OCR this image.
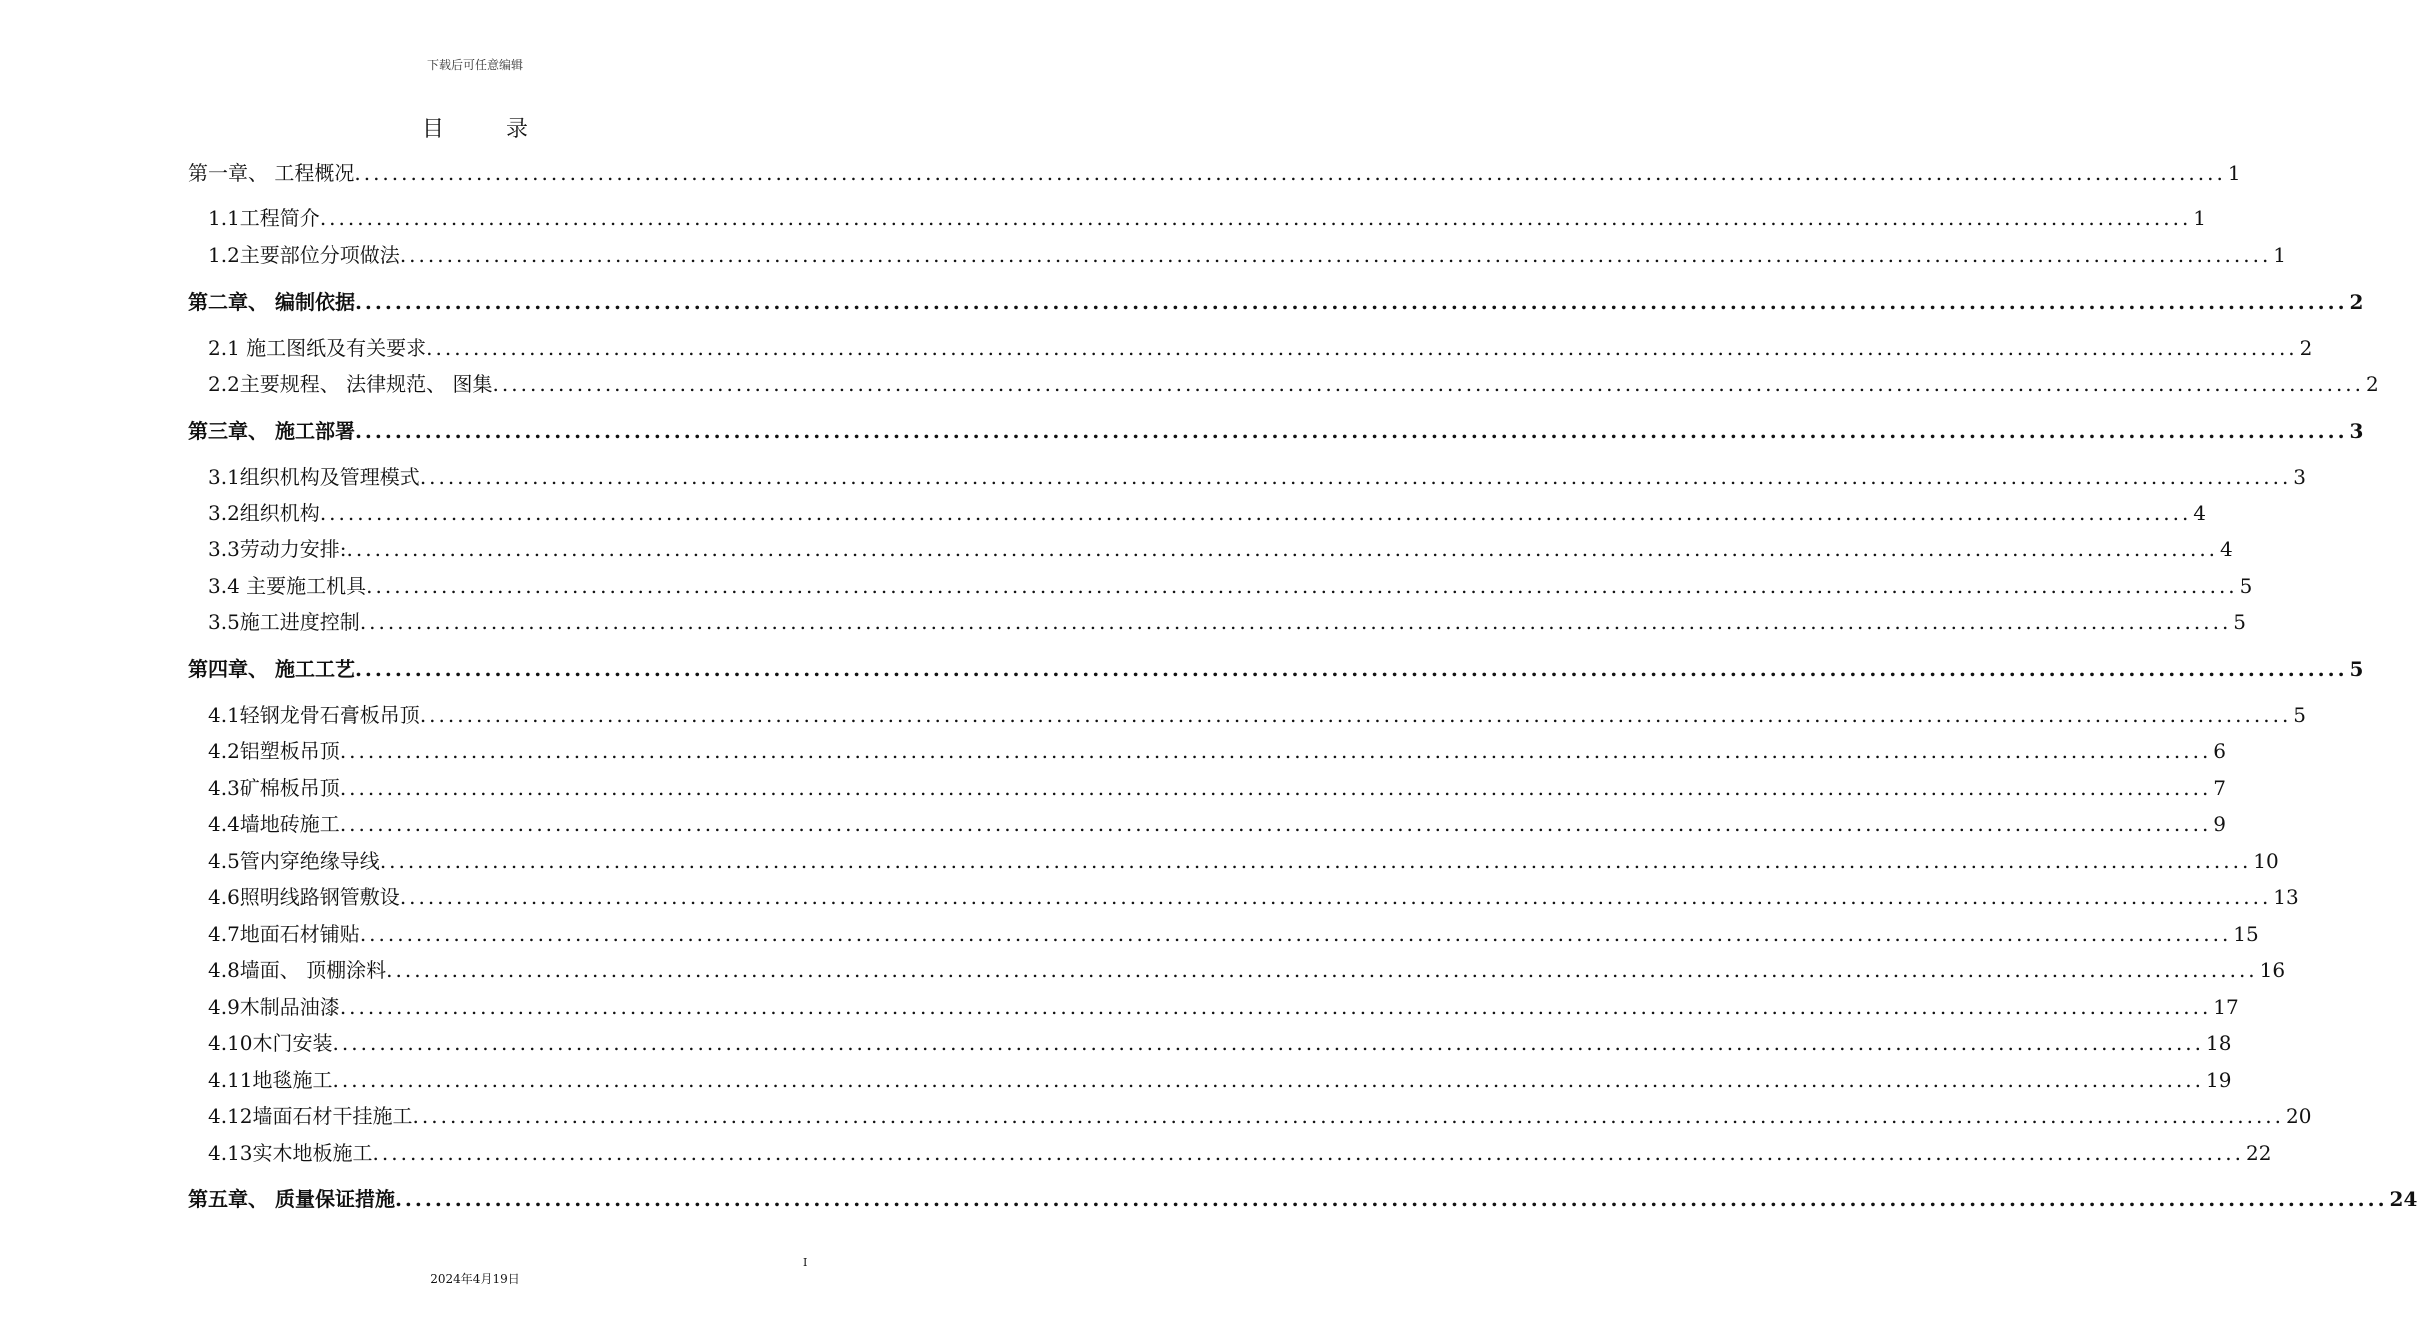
下载后可任意编辑
目	录
第一章、 工程概况 ........................................................................................................................................................................................................ 1
1.1工程简介 ........................................................................................................................................................................................................ 1
1.2主要部位分项做法 ........................................................................................................................................................................................................ 1
第二章、 编制依据 ........................................................................................................................................................................................................ 2
2.1 施工图纸及有关要求 ........................................................................................................................................................................................................ 2
2.2主要规程、 法律规范、 图集 ........................................................................................................................................................................................................ 2
第三章、 施工部署 ........................................................................................................................................................................................................ 3
3.1组织机构及管理模式 ........................................................................................................................................................................................................ 3
3.2组织机构 ........................................................................................................................................................................................................ 4
3.3劳动力安排: ........................................................................................................................................................................................................ 4
3.4 主要施工机具 ........................................................................................................................................................................................................ 5
3.5施工进度控制 ........................................................................................................................................................................................................ 5
第四章、 施工工艺 ........................................................................................................................................................................................................ 5
4.1轻钢龙骨石膏板吊顶 ........................................................................................................................................................................................................ 5
4.2铝塑板吊顶 ........................................................................................................................................................................................................ 6
4.3矿棉板吊顶 ........................................................................................................................................................................................................ 7
4.4墙地砖施工 ........................................................................................................................................................................................................ 9
4.5管内穿绝缘导线 ........................................................................................................................................................................................................ 10
4.6照明线路钢管敷设 ........................................................................................................................................................................................................ 13
4.7地面石材铺贴 ........................................................................................................................................................................................................ 15
4.8墙面、 顶棚涂料 ........................................................................................................................................................................................................ 16
4.9木制品油漆 ........................................................................................................................................................................................................ 17
4.10木门安装 ........................................................................................................................................................................................................ 18
4.11地毯施工 ........................................................................................................................................................................................................ 19
4.12墙面石材干挂施工 ........................................................................................................................................................................................................ 20
4.13实木地板施工 ........................................................................................................................................................................................................ 22
第五章、 质量保证措施 ........................................................................................................................................................................................................ 24
I
2024年4月19日
